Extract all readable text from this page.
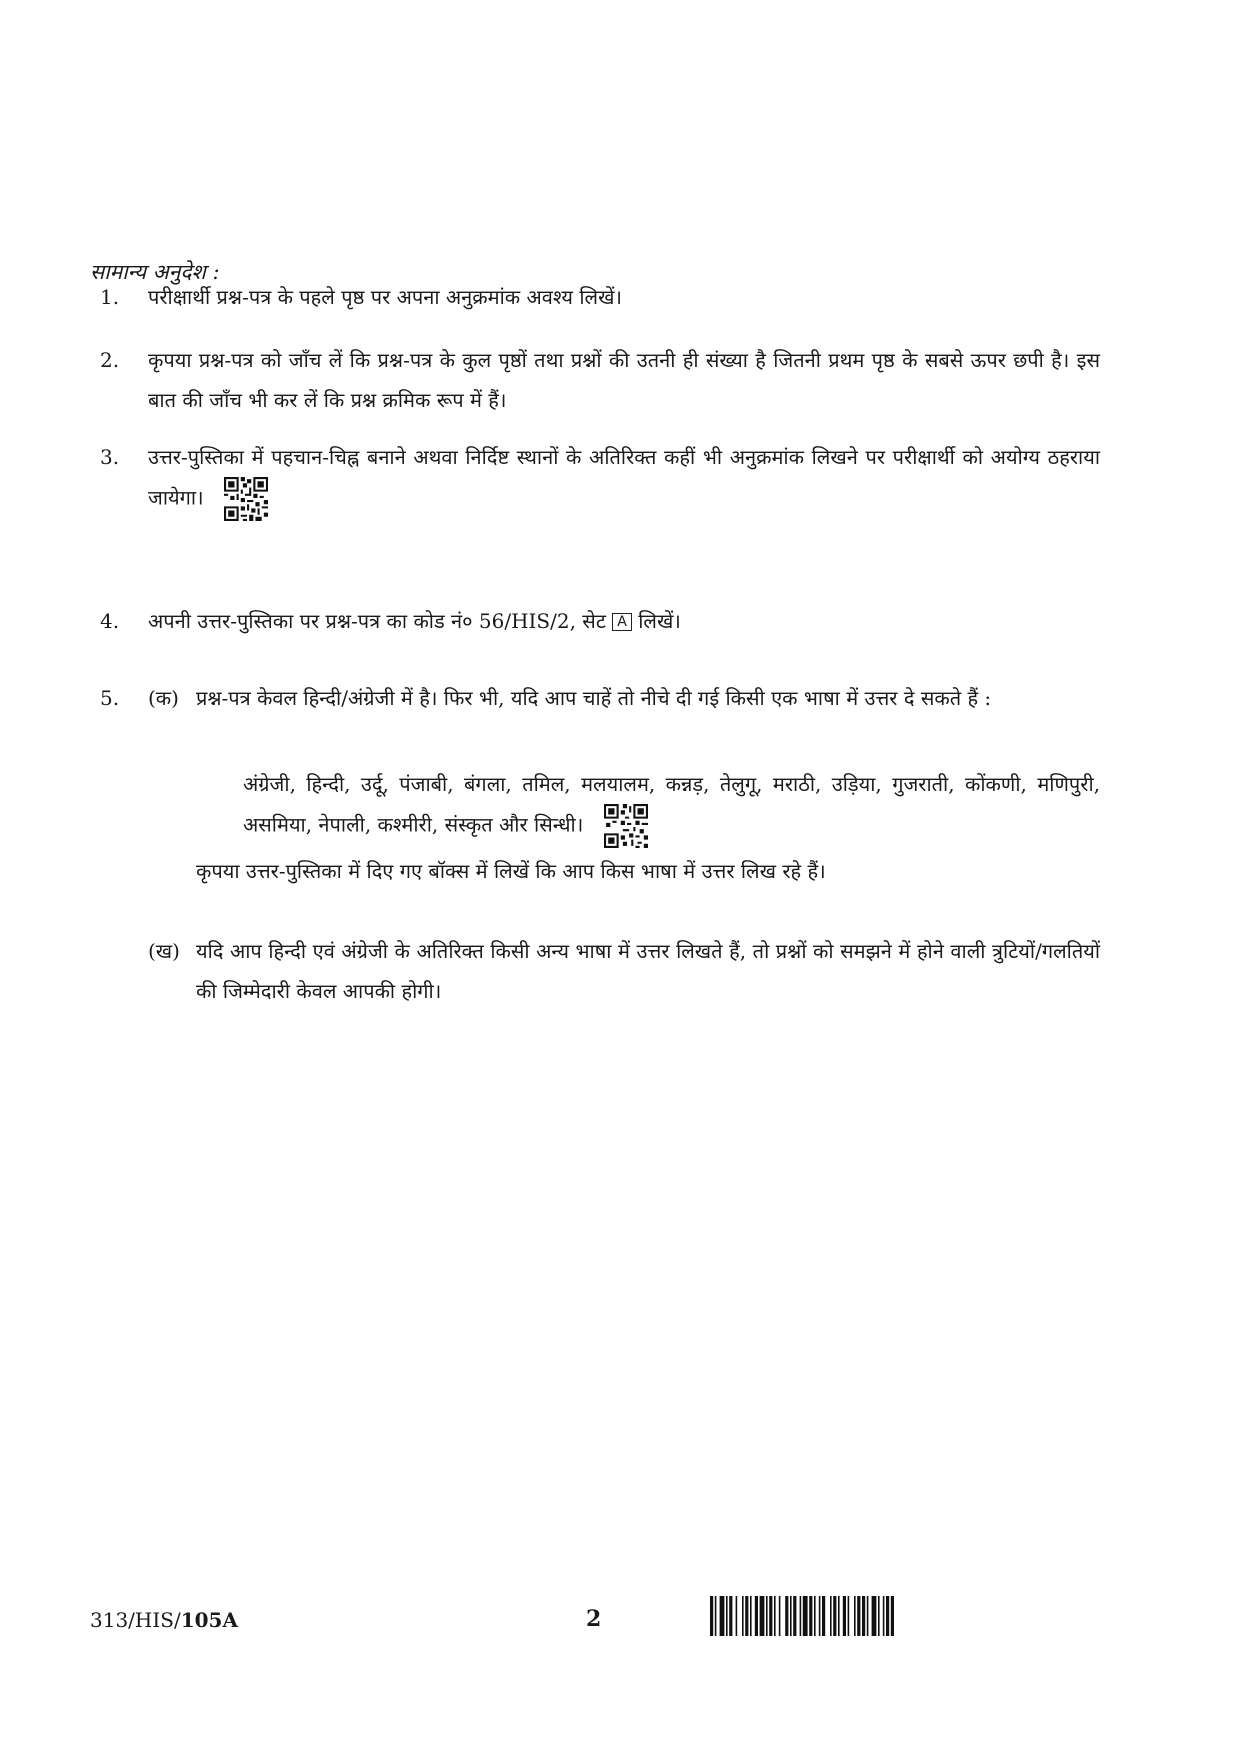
सामान्य अनुदेश :
1.	परीक्षार्थी प्रश्न-पत्र के पहले पृष्ठ पर अपना अनुक्रमांक अवश्य लिखें।
2.	कृपया प्रश्न-पत्र को जाँच लें कि प्रश्न-पत्र के कुल पृष्ठों तथा प्रश्नों की उतनी ही संख्या है जितनी प्रथम पृष्ठ के सबसे ऊपर छपी है। इस बात की जाँच भी कर लें कि प्रश्न क्रमिक रूप में हैं।
3.	उत्तर-पुस्तिका में पहचान-चिह्न बनाने अथवा निर्दिष्ट स्थानों के अतिरिक्त कहीं भी अनुक्रमांक लिखने पर परीक्षार्थी को अयोग्य ठहराया जायेगा।
4.	अपनी उत्तर-पुस्तिका पर प्रश्न-पत्र का कोड नं० 56/HIS/2, सेट A लिखें।
5.	(क) प्रश्न-पत्र केवल हिन्दी/अंग्रेजी में है। फिर भी, यदि आप चाहें तो नीचे दी गई किसी एक भाषा में उत्तर दे सकते हैं :
अंग्रेजी, हिन्दी, उर्दू, पंजाबी, बंगला, तमिल, मलयालम, कन्नड़, तेलुगू, मराठी, उड़िया, गुजराती, कोंकणी, मणिपुरी, असमिया, नेपाली, कश्मीरी, संस्कृत और सिन्धी।
कृपया उत्तर-पुस्तिका में दिए गए बॉक्स में लिखें कि आप किस भाषा में उत्तर लिख रहे हैं।
(ख) यदि आप हिन्दी एवं अंग्रेजी के अतिरिक्त किसी अन्य भाषा में उत्तर लिखते हैं, तो प्रश्नों को समझने में होने वाली त्रुटियों/गलतियों की जिम्मेदारी केवल आपकी होगी।
313/HIS/105A	2
